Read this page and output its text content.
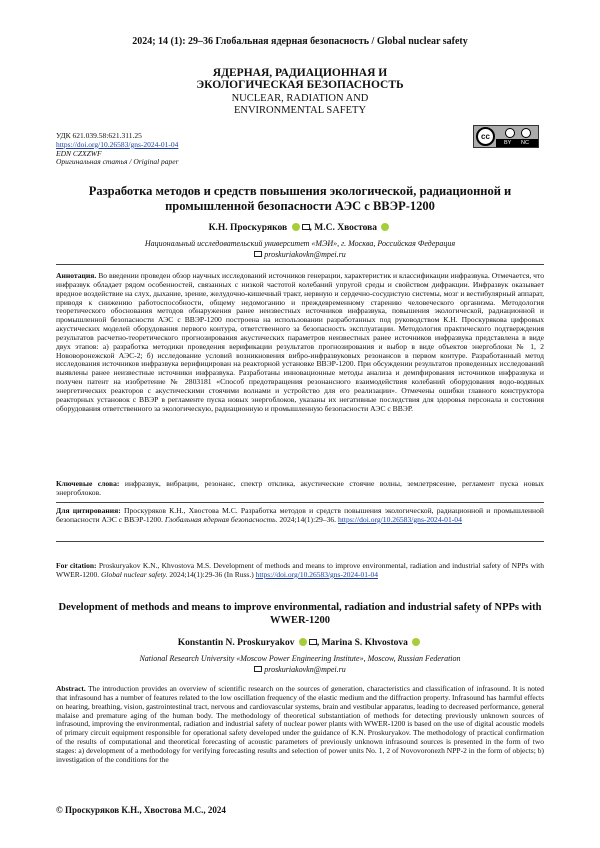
2024; 14 (1): 29–36 Глобальная ядерная безопасность / Global nuclear safety
ЯДЕРНАЯ, РАДИАЦИОННАЯ И
ЭКОЛОГИЧЕСКАЯ БЕЗОПАСНОСТЬ
NUCLEAR, RADIATION AND
ENVIRONMENTAL SAFETY
УДК 621.039.58:621.311.25
https://doi.org/10.26583/gns-2024-01-04
EDN CZXZWF
Оригинальная статья / Original paper
cc
BY NC
Разработка методов и средств повышения экологической, радиационной и промышленной безопасности АЭС с ВВЭР-1200
К.Н. Проскуряков , М.С. Хвостова
Национальный исследовательский университет «МЭИ», г. Москва, Российская Федерация
proskuriakovkn@mpei.ru
Аннотация. Во введении проведен обзор научных исследований источников генерации, характеристик и классификации инфразвука. Отмечается, что инфразвук обладает рядом особенностей, связанных с низкой частотой колебаний упругой среды и свойством дифракции. Инфразвук оказывает вредное воздействие на слух, дыхание, зрение, желудочно-кишечный тракт, нервную и сердечно-сосудистую системы, мозг и вестибулярный аппарат, приводя к снижению работоспособности, общему недомоганию и преждевременному старению человеческого организма. Методология теоретического обоснования методов обнаружения ранее неизвестных источников инфразвука, повышения экологической, радиационной и промышленной безопасности АЭС с ВВЭР-1200 построена на использовании разработанных под руководством К.Н. Проскурякова цифровых акустических моделей оборудования первого контура, ответственного за безопасность эксплуатации. Методология практического подтверждения результатов расчетно-теоретического прогнозирования акустических параметров неизвестных ранее источников инфразвука представлена в виде двух этапов: а) разработка методики проведения верификации результатов прогнозирования и выбор в виде объектов энергоблоки № 1, 2 Нововоронежской АЭС-2; б) исследование условий возникновения вибро-инфразвуковых резонансов в первом контуре. Разработанный метод исследования источников инфразвука верифицирован на реакторной установке ВВЭР-1200. При обсуждении результатов проведенных исследований выявлены ранее неизвестные источники инфразвука. Разработаны инновационные методы анализа и демпфирования источников инфразвука и получен патент на изобретение № 2803181 «Способ предотвращения резонансного взаимодействия колебаний оборудования водо-водяных энергетических реакторов с акустическими стоячими волнами и устройство для его реализации». Отмечены ошибки главного конструктора реакторных установок с ВВЭР в регламенте пуска новых энергоблоков, указаны их негативные последствия для здоровья персонала и состояния оборудования ответственного за экологическую, радиационную и промышленную безопасности АЭС с ВВЭР.
Ключевые слова: инфразвук, вибрации, резонанс, спектр отклика, акустические стоячие волны, землетрясение, регламент пуска новых энергоблоков.
Для цитирования: Проскуряков К.Н., Хвостова М.С. Разработка методов и средств повышения экологической, радиационной и промышленной безопасности АЭС с ВВЭР-1200. Глобальная ядерная безопасность. 2024;14(1):29–36. https://doi.org/10.26583/gns-2024-01-04
For citation: Proskuryakov K.N., Khvostova M.S. Development of methods and means to improve environmental, radiation and industrial safety of NPPs with WWER-1200. Global nuclear safety. 2024;14(1):29-36 (In Russ.) https://doi.org/10.26583/gns-2024-01-04
Development of methods and means to improve environmental, radiation and industrial safety of NPPs with WWER-1200
Konstantin N. Proskuryakov , Marina S. Khvostova
National Research University «Moscow Power Engineering Institute», Moscow, Russian Federation
proskuriakovkn@mpei.ru
Abstract. The introduction provides an overview of scientific research on the sources of generation, characteristics and classification of infrasound. It is noted that infrasound has a number of features related to the low oscillation frequency of the elastic medium and the diffraction property. Infrasound has harmful effects on hearing, breathing, vision, gastrointestinal tract, nervous and cardiovascular systems, brain and vestibular apparatus, leading to decreased performance, general malaise and premature aging of the human body. The methodology of theoretical substantiation of methods for detecting previously unknown sources of infrasound, improving the environmental, radiation and industrial safety of nuclear power plants with WWER-1200 is based on the use of digital acoustic models of primary circuit equipment responsible for operational safety developed under the guidance of K.N. Proskuryakov. The methodology of practical confirmation of the results of computational and theoretical forecasting of acoustic parameters of previously unknown infrasound sources is presented in the form of two stages: a) development of a methodology for verifying forecasting results and selection of power units No. 1, 2 of Novovoronezh NPP-2 in the form of objects; b) investigation of the conditions for the
© Проскуряков К.Н., Хвостова М.С., 2024
